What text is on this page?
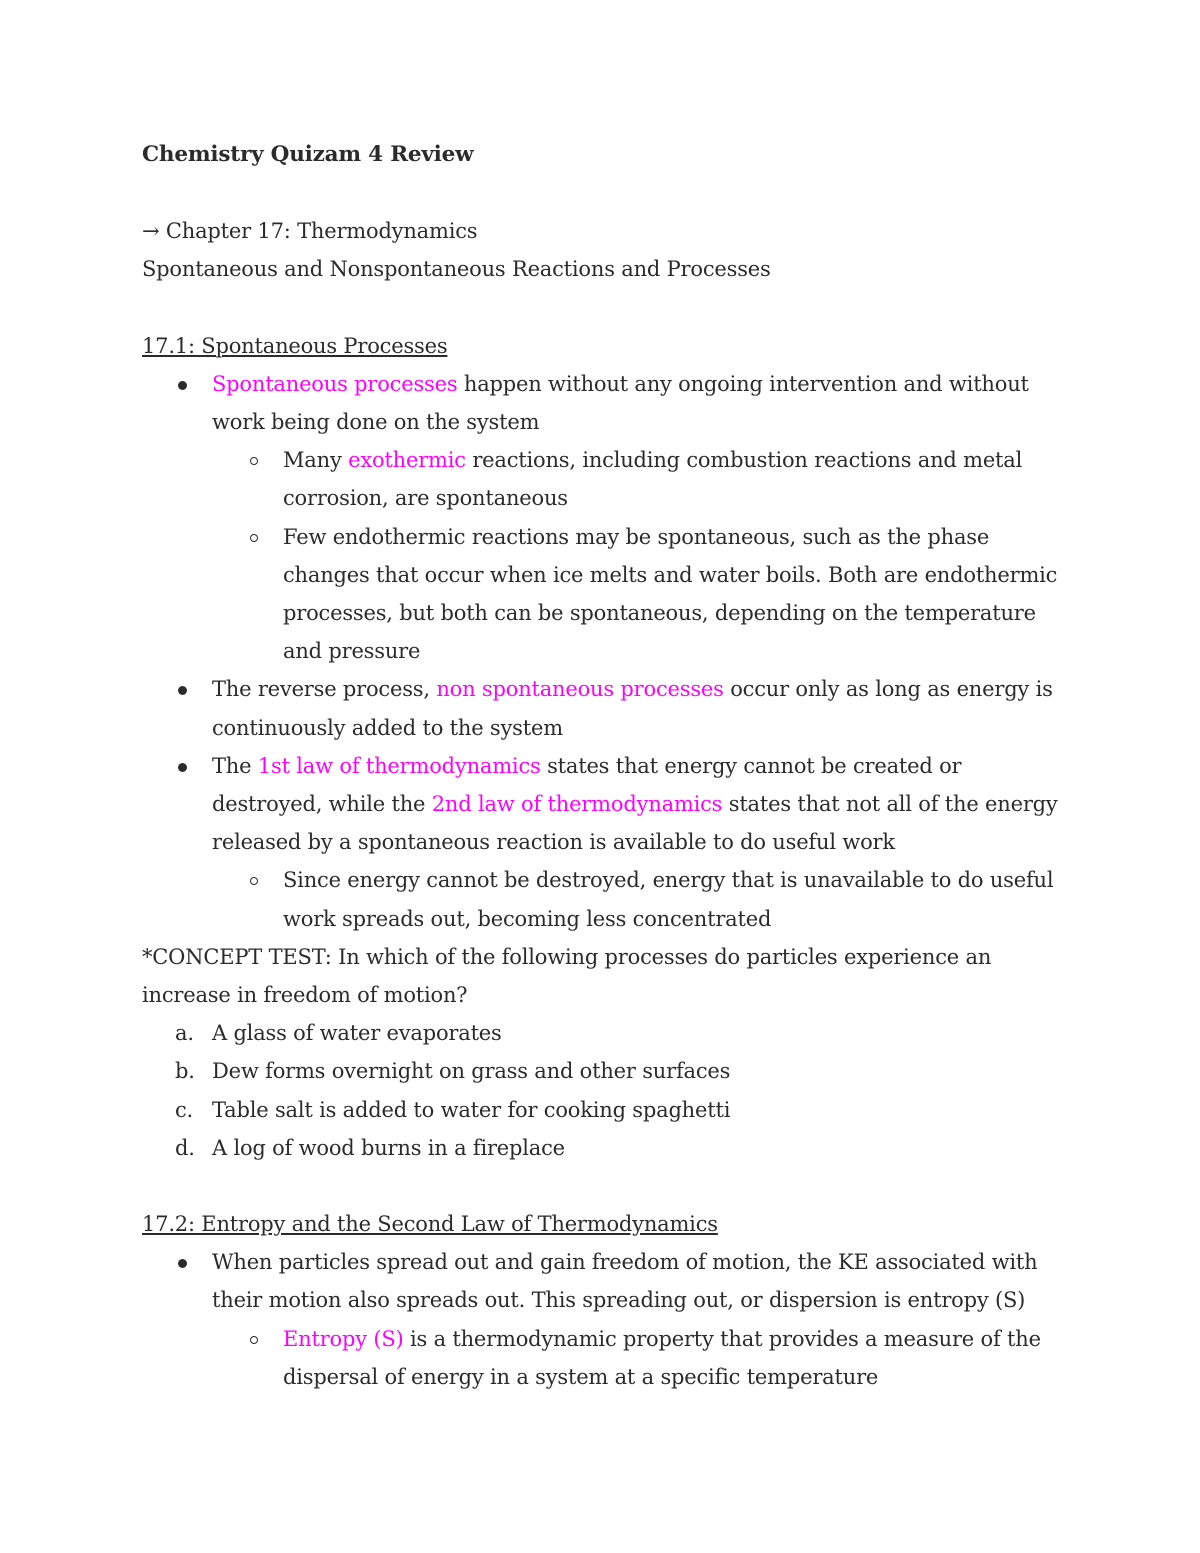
Chemistry Quizam 4 Review
→ Chapter 17: Thermodynamics
Spontaneous and Nonspontaneous Reactions and Processes
17.1: Spontaneous Processes
Spontaneous processes happen without any ongoing intervention and without
work being done on the system
Many exothermic reactions, including combustion reactions and metal
corrosion, are spontaneous
Few endothermic reactions may be spontaneous, such as the phase
changes that occur when ice melts and water boils. Both are endothermic
processes, but both can be spontaneous, depending on the temperature
and pressure
The reverse process, non spontaneous processes occur only as long as energy is
continuously added to the system
The 1st law of thermodynamics states that energy cannot be created or
destroyed, while the 2nd law of thermodynamics states that not all of the energy
released by a spontaneous reaction is available to do useful work
Since energy cannot be destroyed, energy that is unavailable to do useful
work spreads out, becoming less concentrated
*CONCEPT TEST: In which of the following processes do particles experience an
increase in freedom of motion?
a. A glass of water evaporates
b. Dew forms overnight on grass and other surfaces
c. Table salt is added to water for cooking spaghetti
d. A log of wood burns in a fireplace
17.2: Entropy and the Second Law of Thermodynamics
When particles spread out and gain freedom of motion, the KE associated with
their motion also spreads out. This spreading out, or dispersion is entropy (S)
Entropy (S) is a thermodynamic property that provides a measure of the
dispersal of energy in a system at a specific temperature
